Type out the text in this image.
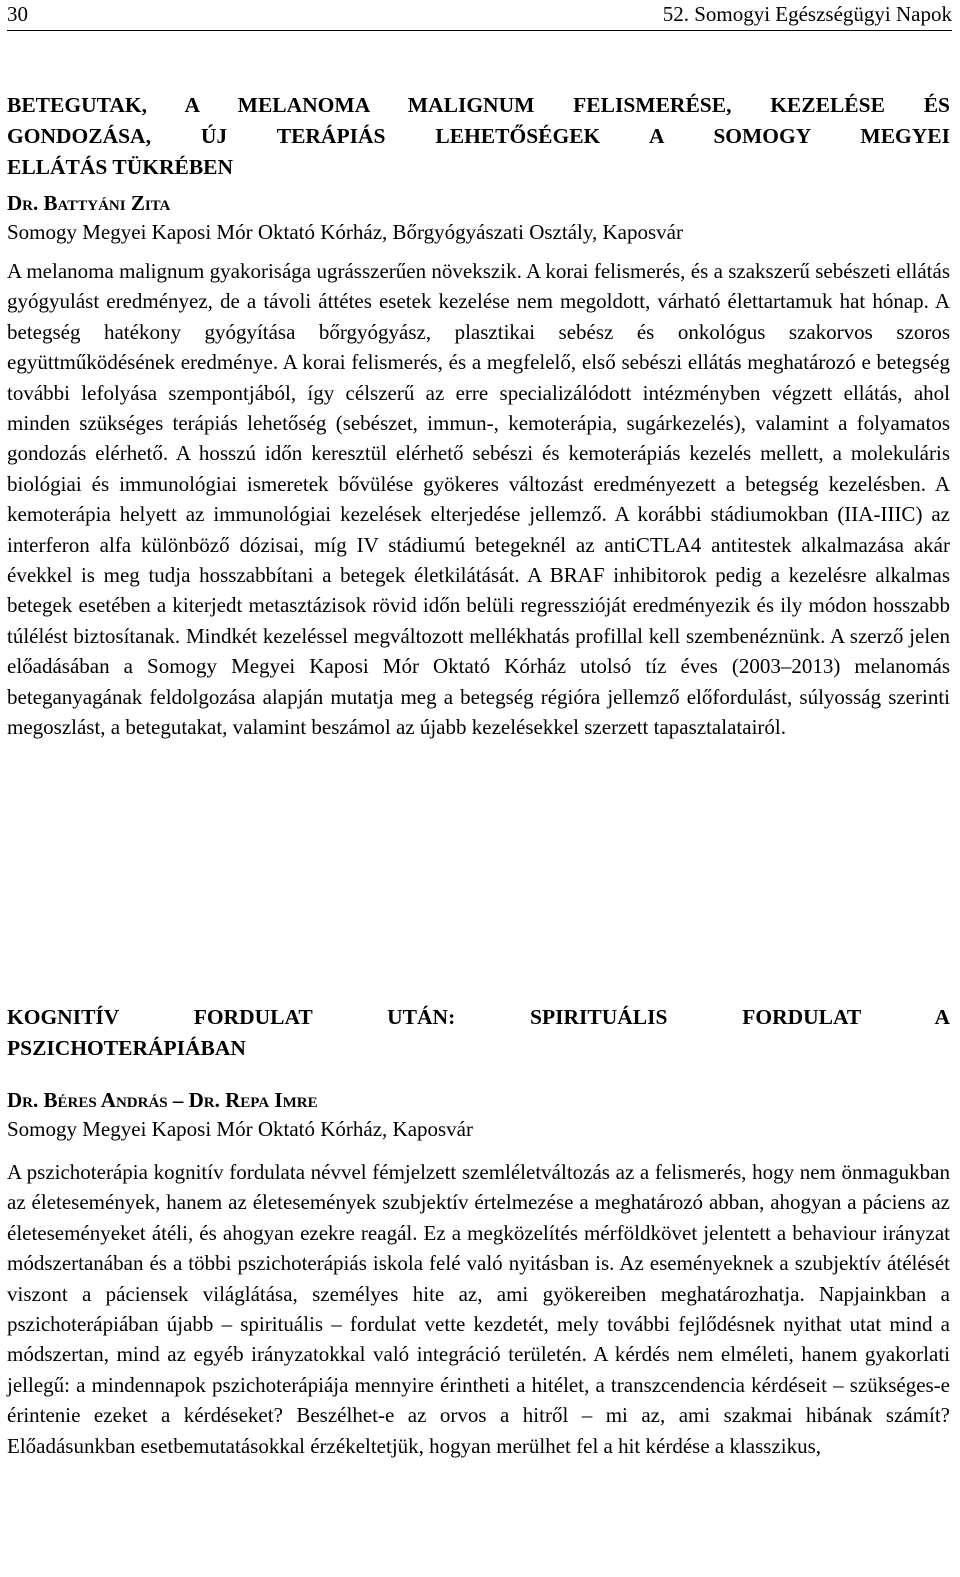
30	52. Somogyi Egészségügyi Napok
BETEGUTAK, A MELANOMA MALIGNUM FELISMERÉSE, KEZELÉSE ÉS
GONDOZÁSA, ÚJ TERÁPIÁS LEHETŐSÉGEK A SOMOGY MEGYEI
ELLÁTÁS TÜKRÉBEN

Dr. Battyáni Zita

Somogy Megyei Kaposi Mór Oktató Kórház, Bőrgyógyászati Osztály, Kaposvár

A melanoma malignum gyakorisága ugrásszerűen növekszik. A korai felismerés, és a szakszerű sebészeti ellátás gyógyulást eredményez, de a távoli áttétes esetek kezelése nem megoldott, várható élettartamuk hat hónap. A betegség hatékony gyógyítása bőrgyógyász, plasztikai sebész és onkológus szakorvos szoros együttműködésének eredménye. A korai felismerés, és a megfelelő, első sebészi ellátás meghatározó e betegség további lefolyása szempontjából, így célszerű az erre specializálódott intézményben végzett ellátás, ahol minden szükséges terápiás lehetőség (sebészet, immun-, kemoterápia, sugárkezelés), valamint a folyamatos gondozás elérhető. A hosszú időn keresztül elérhető sebészi és kemoterápiás kezelés mellett, a molekuláris biológiai és immunológiai ismeretek bővülése gyökeres változást eredményezett a betegség kezelésben. A kemoterápia helyett az immunológiai kezelések elterjedése jellemző. A korábbi stádiumokban (IIA-IIIC) az interferon alfa különböző dózisai, míg IV stádiumú betegeknél az antiCTLA4 antitestek alkalmazása akár évekkel is meg tudja hosszabbítani a betegek életkilátását. A BRAF inhibitorok pedig a kezelésre alkalmas betegek esetében a kiterjedt metasztázisok rövid időn belüli regresszióját eredményezik és ily módon hosszabb túlélést biztosítanak. Mindkét kezeléssel megváltozott mellékhatás profillal kell szembenéznünk. A szerző jelen előadásában a Somogy Megyei Kaposi Mór Oktató Kórház utolsó tíz éves (2003–2013) melanomás beteganyagának feldolgozása alapján mutatja meg a betegség régióra jellemző előfordulást, súlyosság szerinti megoszlást, a betegutakat, valamint beszámol az újabb kezelésekkel szerzett tapasztalatairól.

KOGNITÍV FORDULAT UTÁN: SPIRITUÁLIS FORDULAT A

PSZICHOTERÁPIÁBAN

Dr. Béres András – Dr. Repa Imre

Somogy Megyei Kaposi Mór Oktató Kórház, Kaposvár

A pszichoterápia kognitív fordulata névvel fémjelzett szemléletváltozás az a felismerés, hogy nem önmagukban az életesemények, hanem az életesemények szubjektív értelmezése a meghatározó abban, ahogyan a páciens az életeseményeket átéli, és ahogyan ezekre reagál. Ez a megközelítés mérföldkövet jelentett a behaviour irányzat módszertanában és a többi pszichoterápiás iskola felé való nyitásban is. Az eseményeknek a szubjektív átélését viszont a páciensek világlátása, személyes hite az, ami gyökereiben meghatározhatja. Napjainkban a pszichoterápiában újabb – spirituális – fordulat vette kezdetét, mely további fejlődésnek nyithat utat mind a módszertan, mind az egyéb irányzatokkal való integráció területén. A kérdés nem elméleti, hanem gyakorlati jellegű: a mindennapok pszichoterápiája mennyire érintheti a hitélet, a transzcendencia kérdéseit – szükséges-e érintenie ezeket a kérdéseket? Beszélhet-e az orvos a hitről – mi az, ami szakmai hibának számít? Előadásunkban esetbemutatásokkal érzékeltetjük, hogyan merülhet fel a hit kérdése a klasszikus,
